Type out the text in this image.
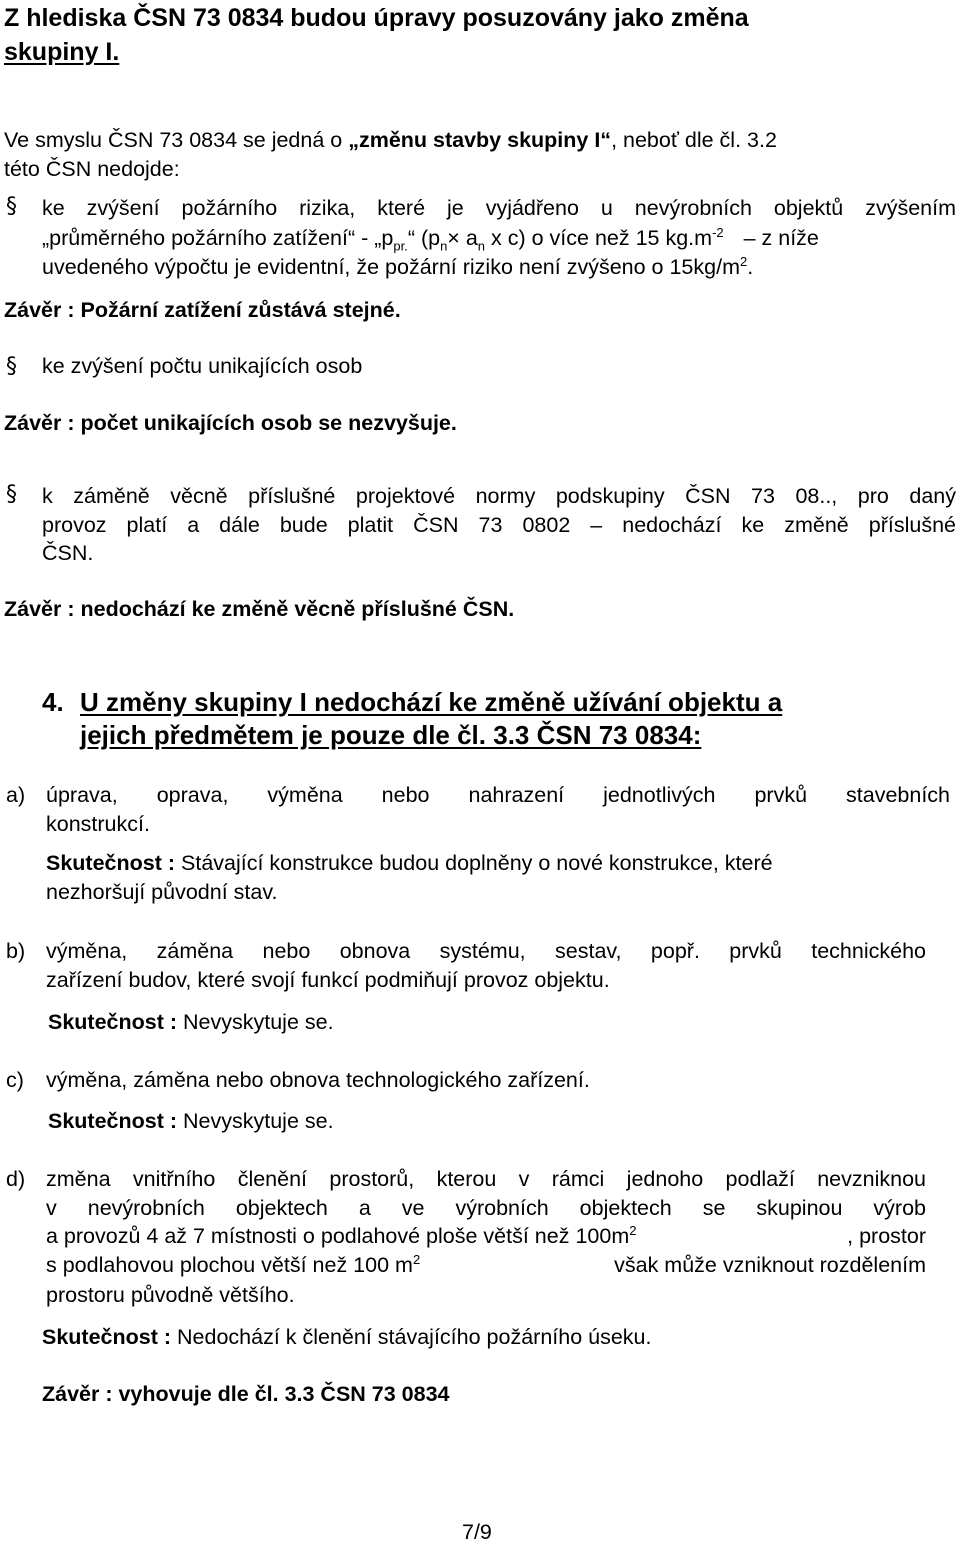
Z hlediska ČSN 73 0834 budou úpravy posuzovány jako změna
skupiny I.
Ve smyslu ČSN 73 0834 se jedná o „změnu stavby skupiny I“, neboť dle čl. 3.2
této ČSN nedojde:
§ ke zvýšení požárního rizika, které je vyjádřeno u nevýrobních objektů zvýšením
„průměrného požárního zatížení“ - $„p_{pr.}“$ ($p_n\times a_n$ x c) o více než 15 $kg.m^{-2}$ – z níže
uvedeného výpočtu je evidentní, že požární riziko není zvýšeno o $15kg/m^2$.
Závěr : Požární zatížení zůstává stejné.
§ ke zvýšení počtu unikajících osob
Závěr : počet unikajících osob se nezvyšuje.
§ k záměně věcně příslušné projektové normy podskupiny ČSN 73 08.., pro daný
provoz platí a dále bude platit ČSN 73 0802 – nedochází ke změně příslušné
ČSN.
Závěr : nedochází ke změně věcně příslušné ČSN.
4. U změny skupiny I nedochází ke změně užívání objektu a
jejich předmětem je pouze dle čl. 3.3 ČSN 73 0834:
a) úprava, oprava, výměna nebo nahrazení jednotlivých prvků stavebních
konstrukcí.
Skutečnost : Stávající konstrukce budou doplněny o nové konstrukce, které
nezhoršují původní stav.
b) výměna, záměna nebo obnova systému, sestav, popř. prvků technického
zařízení budov, které svojí funkcí podmiňují provoz objektu.
Skutečnost : Nevyskytuje se.
c) výměna, záměna nebo obnova technologického zařízení.
Skutečnost : Nevyskytuje se.
d) změna vnitřního členění prostorů, kterou v rámci jednoho podlaží nevzniknou
v nevýrobních objektech a ve výrobních objektech se skupinou výrob
a provozů 4 až 7 místnosti o podlahové ploše větší než $100m^2$	, prostor
s podlahovou plochou větší než 100 $m^2$	však může vzniknout rozdělením
prostoru původně většího.
Skutečnost : Nedochází k členění stávajícího požárního úseku.
Závěr : vyhovuje dle čl. 3.3 ČSN 73 0834
7/9
